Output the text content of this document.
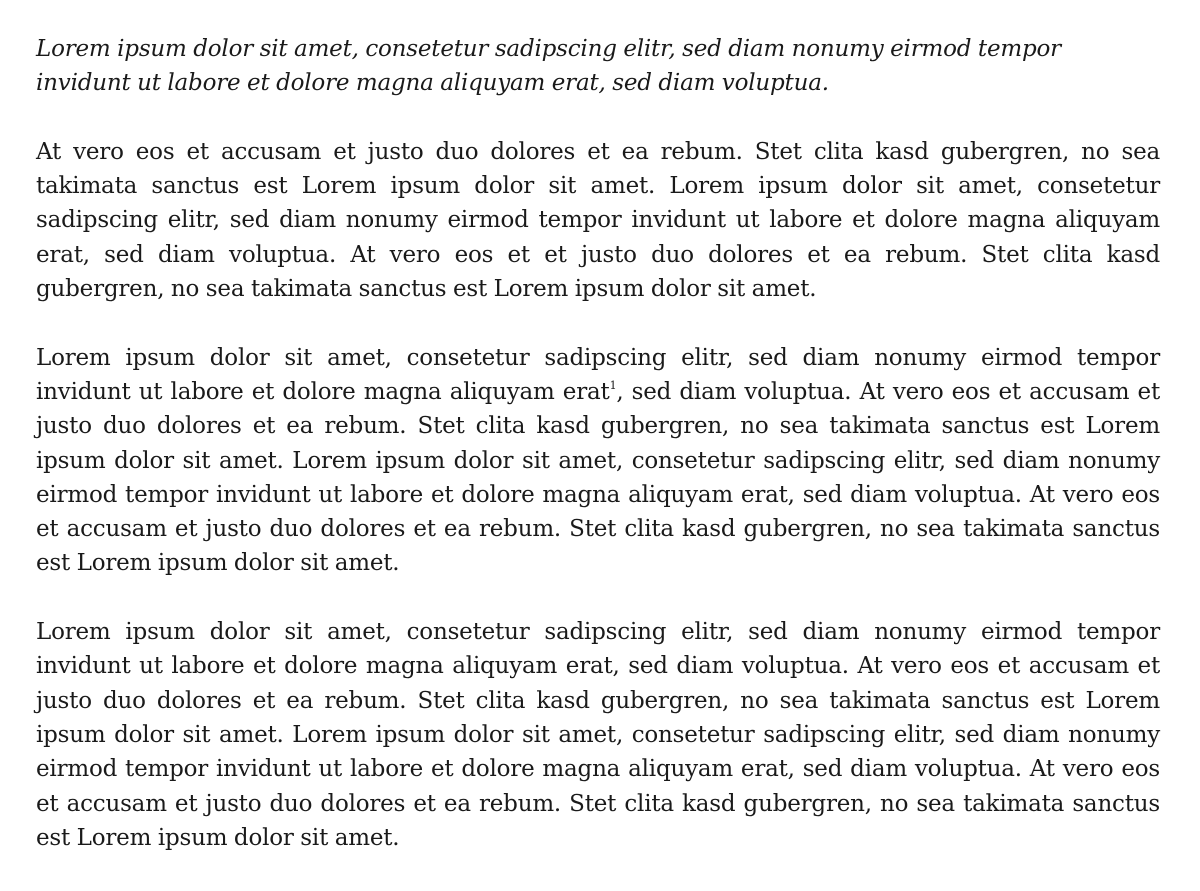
Lorem ipsum dolor sit amet, consetetur sadipscing elitr, sed diam nonumy eirmod tempor invidunt ut labore et dolore magna aliquyam erat, sed diam voluptua.

At vero eos et accusam et justo duo dolores et ea rebum. Stet clita kasd gubergren, no sea takimata sanctus est Lorem ipsum dolor sit amet. Lorem ipsum dolor sit amet, consetetur sadipscing elitr, sed diam nonumy eirmod tempor invidunt ut labore et dolore magna aliquyam erat, sed diam voluptua. At vero eos et et justo duo dolores et ea rebum. Stet clita kasd gubergren, no sea takimata sanctus est Lorem ipsum dolor sit amet.

Lorem ipsum dolor sit amet, consetetur sadipscing elitr, sed diam nonumy eirmod tempor invidunt ut labore et dolore magna aliquyam erat$^1$, sed diam voluptua. At vero eos et accusam et justo duo dolores et ea rebum. Stet clita kasd gubergren, no sea takimata sanctus est Lorem ipsum dolor sit amet. Lorem ipsum dolor sit amet, consetetur sadipscing elitr, sed diam nonumy eirmod tempor invidunt ut labore et dolore magna aliquyam erat, sed diam voluptua. At vero eos et accusam et justo duo dolores et ea rebum. Stet clita kasd gubergren, no sea takimata sanctus est Lorem ipsum dolor sit amet.

Lorem ipsum dolor sit amet, consetetur sadipscing elitr, sed diam nonumy eirmod tempor invidunt ut labore et dolore magna aliquyam erat, sed diam voluptua. At vero eos et accusam et justo duo dolores et ea rebum. Stet clita kasd gubergren, no sea takimata sanctus est Lorem ipsum dolor sit amet. Lorem ipsum dolor sit amet, consetetur sadipscing elitr, sed diam nonumy eirmod tempor invidunt ut labore et dolore magna aliquyam erat, sed diam voluptua. At vero eos et accusam et justo duo dolores et ea rebum. Stet clita kasd gubergren, no sea takimata sanctus est Lorem ipsum dolor sit amet.
